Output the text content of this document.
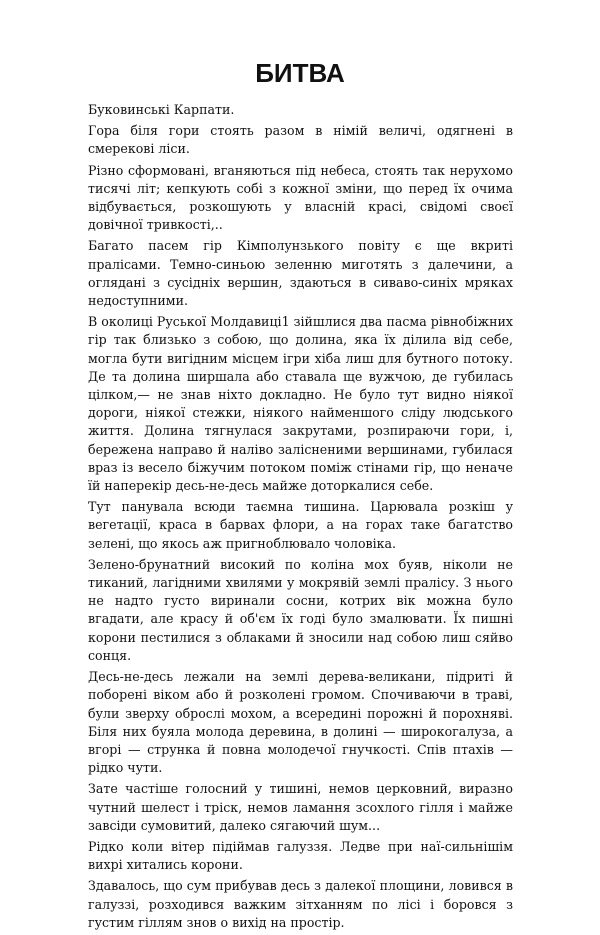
БИТВА

Буковинські Карпати.

Гора біля гори стоять разом в німій величі, одягнені в смерекові ліси.

Різно сформовані, вганяються під небеса, стоять так нерухомо тисячі літ; кепкують собі з кожної зміни, що перед їх очима відбувається, розкошують у власній красі, свідомі своєї довічної тривкості,..

Багато пасем гір Кімполунзького повіту є ще вкриті пралісами. Темно-синьою зеленню миготять з далечини, а оглядані з сусідніх вершин, здаються в сиваво-синіх мряках недоступними.

В околиці Руської Молдавиці1 зійшлися два пасма рівнобіжних гір так близько з собою, що долина, яка їх ділила від себе, могла бути вигідним місцем ігри хіба лиш для бутного потоку. Де та долина ширшала або ставала ще вужчою, де губилась цілком,— не знав ніхто докладно. Не було тут видно ніякої дороги, ніякої стежки, ніякого найменшого сліду людського життя. Долина тягнулася закрутами, розпираючи гори, і, бережена направо й наліво залісненими вершинами, губилася враз із весело біжучим потоком поміж стінами гір, що неначе їй наперекір десь-не-десь майже доторкалися себе.

Тут панувала всюди таємна тишина. Царювала розкіш у вегетації, краса в барвах флори, а на горах таке багатство зелені, що якось аж пригноблювало чоловіка.

Зелено-брунатний високий по коліна мох буяв, ніколи не тиканий, лагідними хвилями у мокрявій землі пралісу. З нього не надто густо виринали сосни, котрих вік можна було вгадати, але красу й об'єм їх годі було змалювати. Їх пишні корони пестилися з облаками й зносили над собою лиш сяйво сонця.

Десь-не-десь лежали на землі дерева-великани, підриті й поборені віком або й розколені громом. Спочиваючи в траві, були зверху оброслі мохом, а всередині порожні й порохняві. Біля них буяла молода деревина, в долині — широкогалуза, а вгорі — струнка й повна молодечої гнучкості. Спів птахів — рідко чути.

Зате частіше голосний у тишині, немов церковний, виразно чутний шелест і тріск, немов ламання зсохлого гілля і майже завсіди сумовитий, далеко сягаючий шум...

Рідко коли вітер підіймав галуззя. Ледве при наї-сильнішім вихрі хитались корони.

Здавалось, що сум прибував десь з далекої площини, ловився в галуззі, розходився важким зітханням по лісі і боровся з густим гіллям знов о вихід на простір.
